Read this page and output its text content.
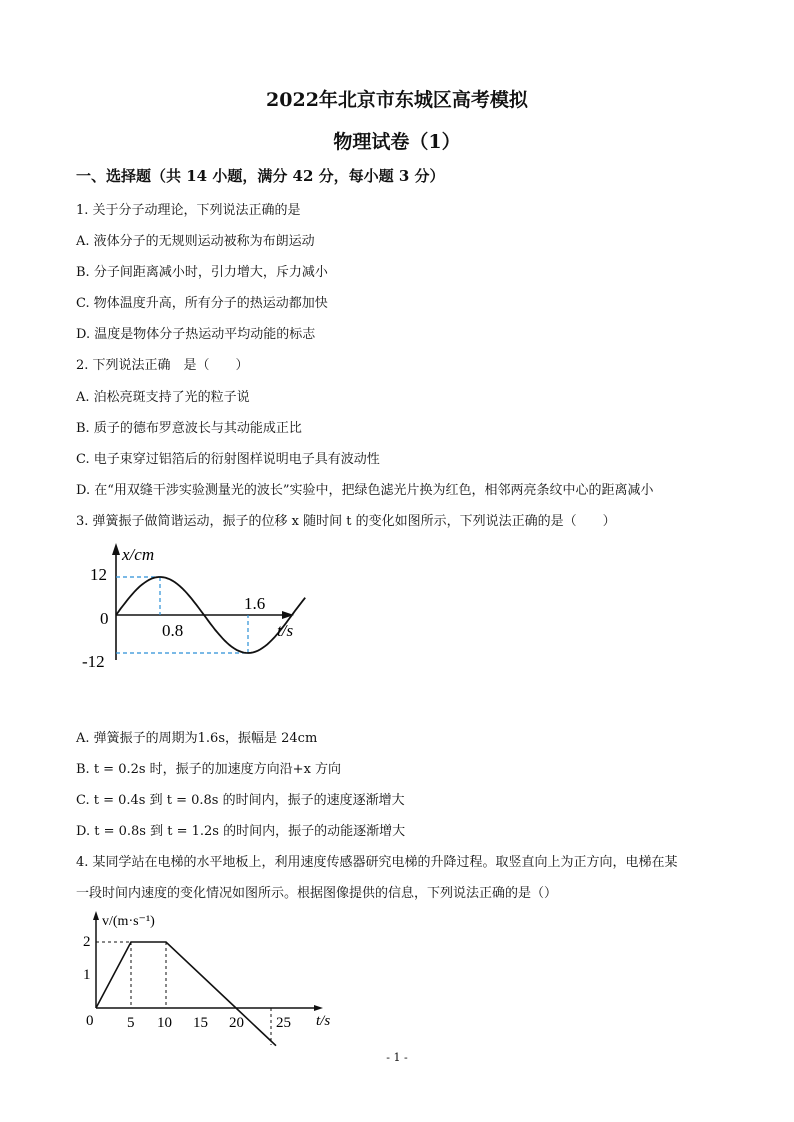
2022年北京市东城区高考模拟
物理试卷（1）
一、选择题（共 14 小题，满分 42 分，每小题 3 分）
1. 关于分子动理论，下列说法正确的是
A. 液体分子的无规则运动被称为布朗运动
B. 分子间距离减小时，引力增大，斥力减小
C. 物体温度升高，所有分子的热运动都加快
D. 温度是物体分子热运动平均动能的标志
2. 下列说法正确　是（　　）
A. 泊松亮斑支持了光的粒子说
B. 质子的德布罗意波长与其动能成正比
C. 电子束穿过铝箔后的衍射图样说明电子具有波动性
D. 在“用双缝干涉实验测量光的波长”实验中，把绿色滤光片换为红色，相邻两亮条纹中心的距离减小
3. 弹簧振子做简谐运动，振子的位移 x 随时间 t 的变化如图所示，下列说法正确的是（　　）
x/cm
t/s
12
0
-12
0.8
1.6
A. 弹簧振子的周期为1.6s，振幅是 24cm
B. t = 0.2s 时，振子的加速度方向沿+x 方向
C. t = 0.4s 到 t = 0.8s 的时间内，振子的速度逐渐增大
D. t = 0.8s 到 t = 1.2s 的时间内，振子的动能逐渐增大
4. 某同学站在电梯的水平地板上，利用速度传感器研究电梯的升降过程。取竖直向上为正方向，电梯在某
一段时间内速度的变化情况如图所示。根据图像提供的信息，下列说法正确的是（）
v/(m·s⁻¹)
t/s
2
1
0 5 10 15 20 25
- 1 -
